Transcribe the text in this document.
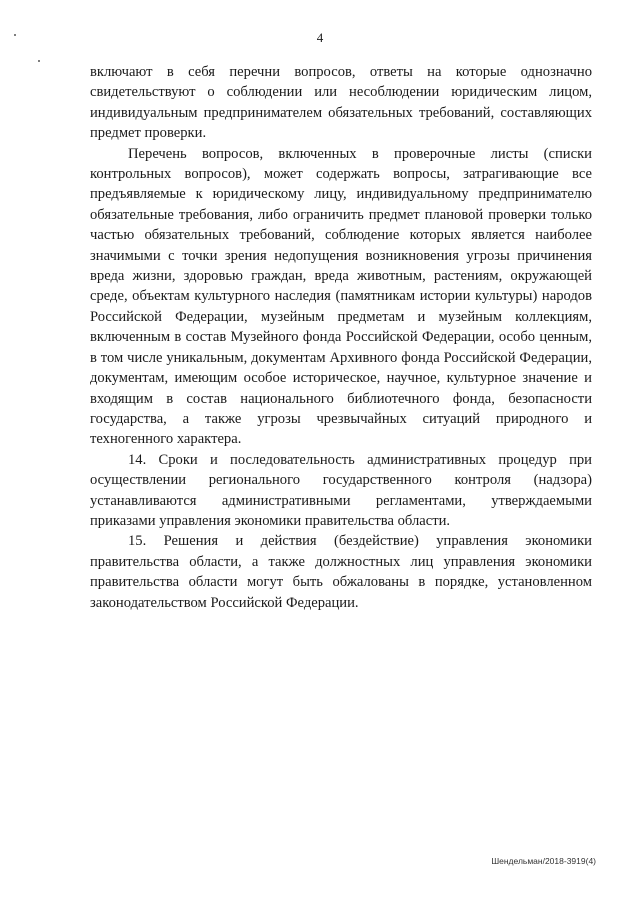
4

включают в себя перечни вопросов, ответы на которые однозначно свидетельствуют о соблюдении или несоблюдении юридическим лицом, индивидуальным предпринимателем обязательных требований, составляющих предмет проверки.

Перечень вопросов, включенных в проверочные листы (списки контрольных вопросов), может содержать вопросы, затрагивающие все предъявляемые к юридическому лицу, индивидуальному предпринимателю обязательные требования, либо ограничить предмет плановой проверки только частью обязательных требований, соблюдение которых является наиболее значимыми с точки зрения недопущения возникновения угрозы причинения вреда жизни, здоровью граждан, вреда животным, растениям, окружающей среде, объектам культурного наследия (памятникам истории культуры) народов Российской Федерации, музейным предметам и музейным коллекциям, включенным в состав Музейного фонда Российской Федерации, особо ценным, в том числе уникальным, документам Архивного фонда Российской Федерации, документам, имеющим особое историческое, научное, культурное значение и входящим в состав национального библиотечного фонда, безопасности государства, а также угрозы чрезвычайных ситуаций природного и техногенного характера.

14. Сроки и последовательность административных процедур при осуществлении регионального государственного контроля (надзора) устанавливаются административными регламентами, утверждаемыми приказами управления экономики правительства области.

15. Решения и действия (бездействие) управления экономики правительства области, а также должностных лиц управления экономики правительства области могут быть обжалованы в порядке, установленном законодательством Российской Федерации.

Шендельман/2018-3919(4)
